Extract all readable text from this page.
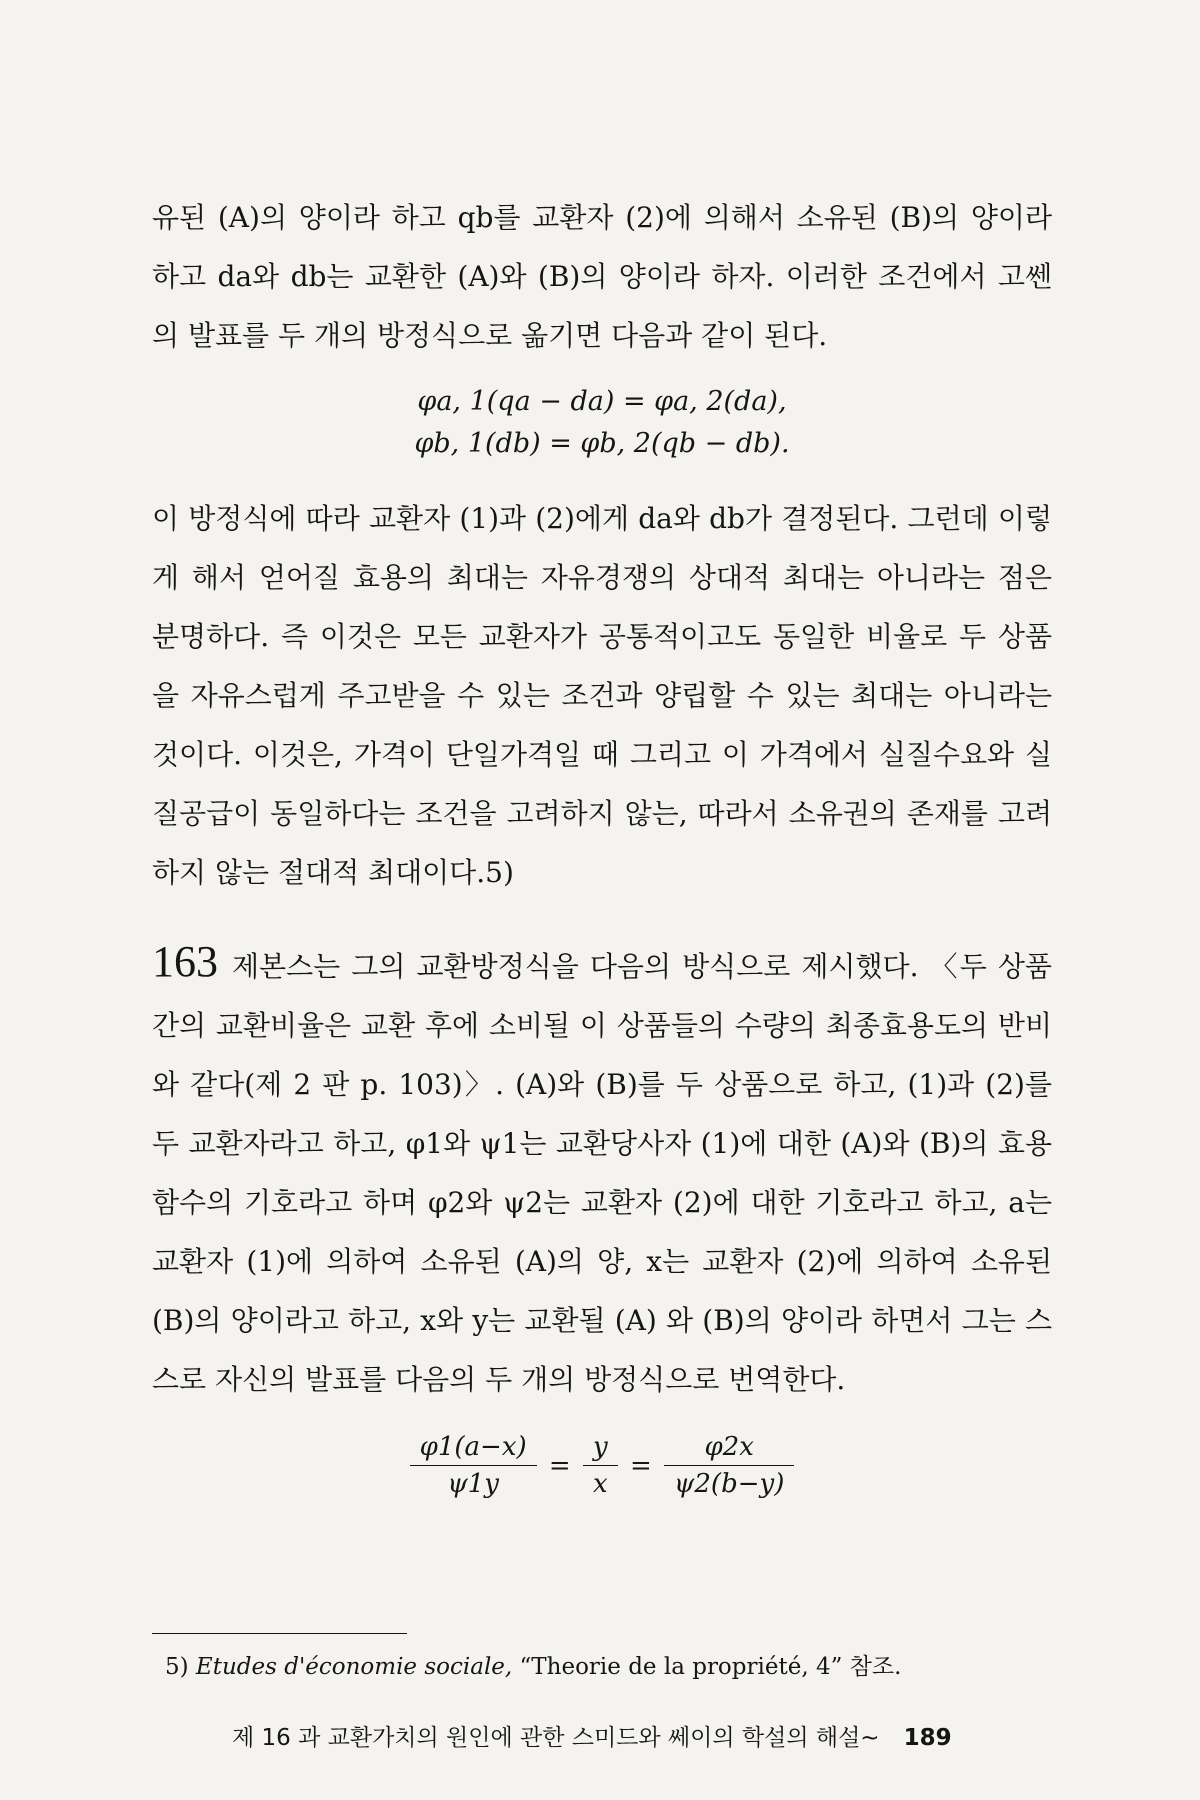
유된 (A)의 양이라 하고 qb를 교환자 (2)에 의해서 소유된 (B)의 양이라 하고 da와 db는 교환한 (A)와 (B)의 양이라 하자. 이러한 조건에서 고쎈의 발표를 두 개의 방정식으로 옮기면 다음과 같이 된다.

φa, 1(qa − da) = φa, 2(da),
φb, 1(db) = φb, 2(qb − db).

이 방정식에 따라 교환자 (1)과 (2)에게 da와 db가 결정된다. 그런데 이렇게 해서 얻어질 효용의 최대는 자유경쟁의 상대적 최대는 아니라는 점은 분명하다. 즉 이것은 모든 교환자가 공통적이고도 동일한 비율로 두 상품을 자유스럽게 주고받을 수 있는 조건과 양립할 수 있는 최대는 아니라는 것이다. 이것은, 가격이 단일가격일 때 그리고 이 가격에서 실질수요와 실질공급이 동일하다는 조건을 고려하지 않는, 따라서 소유권의 존재를 고려하지 않는 절대적 최대이다.5)

163 제본스는 그의 교환방정식을 다음의 방식으로 제시했다. 〈두 상품간의 교환비율은 교환 후에 소비될 이 상품들의 수량의 최종효용도의 반비와 같다(제 2 판 p. 103)〉. (A)와 (B)를 두 상품으로 하고, (1)과 (2)를 두 교환자라고 하고, φ1와 ψ1는 교환당사자 (1)에 대한 (A)와 (B)의 효용함수의 기호라고 하며 φ2와 ψ2는 교환자 (2)에 대한 기호라고 하고, a는 교환자 (1)에 의하여 소유된 (A)의 양, x는 교환자 (2)에 의하여 소유된 (B)의 양이라고 하고, x와 y는 교환될 (A) 와 (B)의 양이라 하면서 그는 스스로 자신의 발표를 다음의 두 개의 방정식으로 번역한다.

$\frac{\varphi 1(a-x)}{\psi 1y} = \frac{y}{x} = \frac{\varphi 2x}{\psi 2(b-y)}$
5) Etudes d'économie sociale, “Theorie de la propriété, 4” 참조.
제 16 과 교환가치의 원인에 관한 스미드와 쎄이의 학설의 해설~ 189
